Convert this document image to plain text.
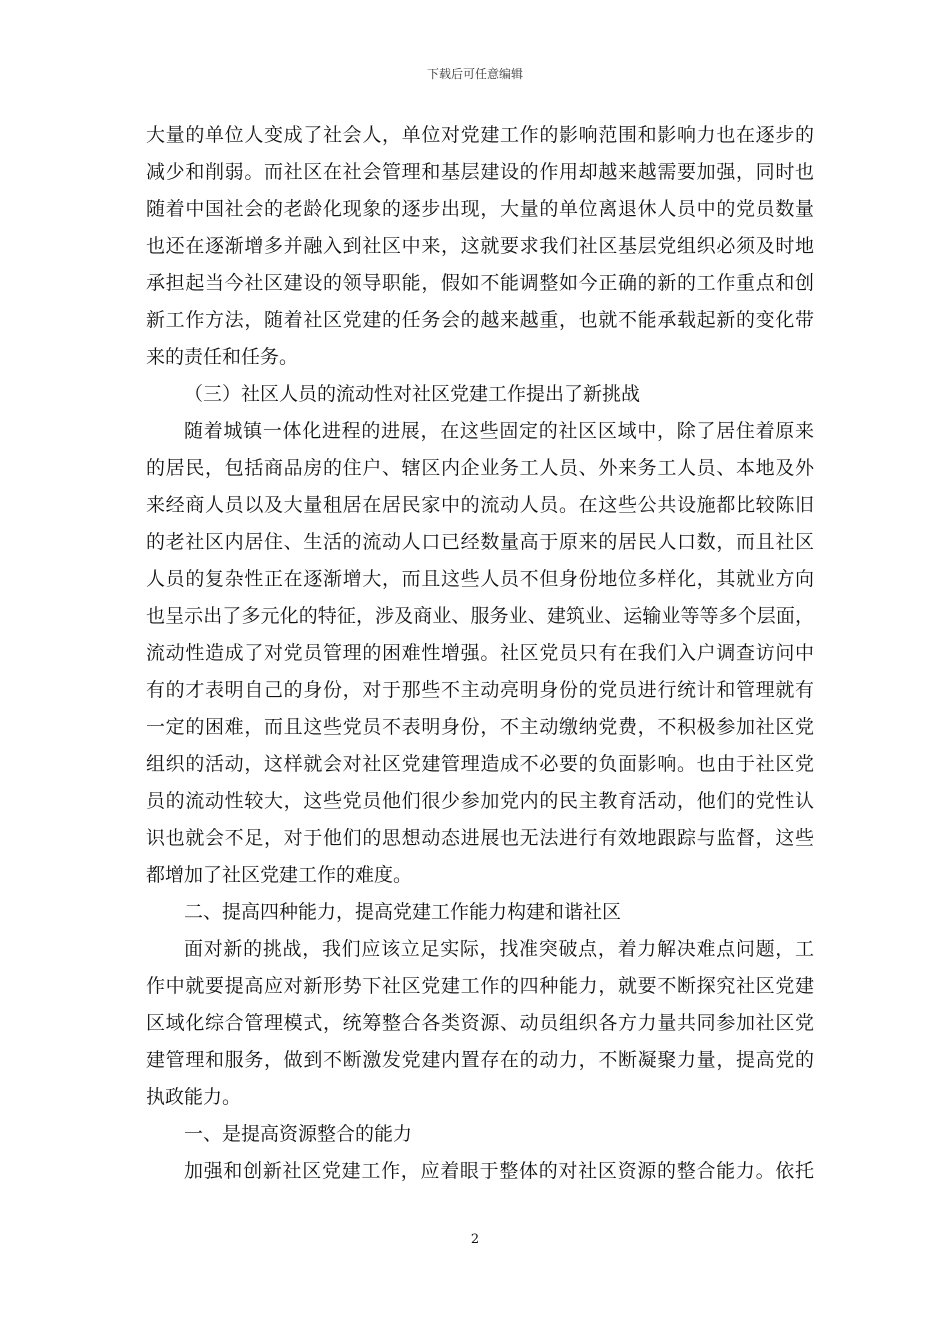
下载后可任意编辑
大量的单位人变成了社会人，单位对党建工作的影响范围和影响力也在逐步的
减少和削弱。而社区在社会管理和基层建设的作用却越来越需要加强，同时也
随着中国社会的老龄化现象的逐步出现，大量的单位离退休人员中的党员数量
也还在逐渐增多并融入到社区中来，这就要求我们社区基层党组织必须及时地
承担起当今社区建设的领导职能，假如不能调整如今正确的新的工作重点和创
新工作方法，随着社区党建的任务会的越来越重，也就不能承载起新的变化带
来的责任和任务。
（三）社区人员的流动性对社区党建工作提出了新挑战
随着城镇一体化进程的进展，在这些固定的社区区域中，除了居住着原来
的居民，包括商品房的住户、辖区内企业务工人员、外来务工人员、本地及外
来经商人员以及大量租居在居民家中的流动人员。在这些公共设施都比较陈旧
的老社区内居住、生活的流动人口已经数量高于原来的居民人口数，而且社区
人员的复杂性正在逐渐增大，而且这些人员不但身份地位多样化，其就业方向
也呈示出了多元化的特征，涉及商业、服务业、建筑业、运输业等等多个层面，
流动性造成了对党员管理的困难性增强。社区党员只有在我们入户调查访问中
有的才表明自己的身份，对于那些不主动亮明身份的党员进行统计和管理就有
一定的困难，而且这些党员不表明身份，不主动缴纳党费，不积极参加社区党
组织的活动，这样就会对社区党建管理造成不必要的负面影响。也由于社区党
员的流动性较大，这些党员他们很少参加党内的民主教育活动，他们的党性认
识也就会不足，对于他们的思想动态进展也无法进行有效地跟踪与监督，这些
都增加了社区党建工作的难度。
二、提高四种能力，提高党建工作能力构建和谐社区
面对新的挑战，我们应该立足实际，找准突破点，着力解决难点问题，工
作中就要提高应对新形势下社区党建工作的四种能力，就要不断探究社区党建
区域化综合管理模式，统筹整合各类资源、动员组织各方力量共同参加社区党
建管理和服务，做到不断激发党建内置存在的动力，不断凝聚力量，提高党的
执政能力。
一、是提高资源整合的能力
加强和创新社区党建工作，应着眼于整体的对社区资源的整合能力。依托
2
